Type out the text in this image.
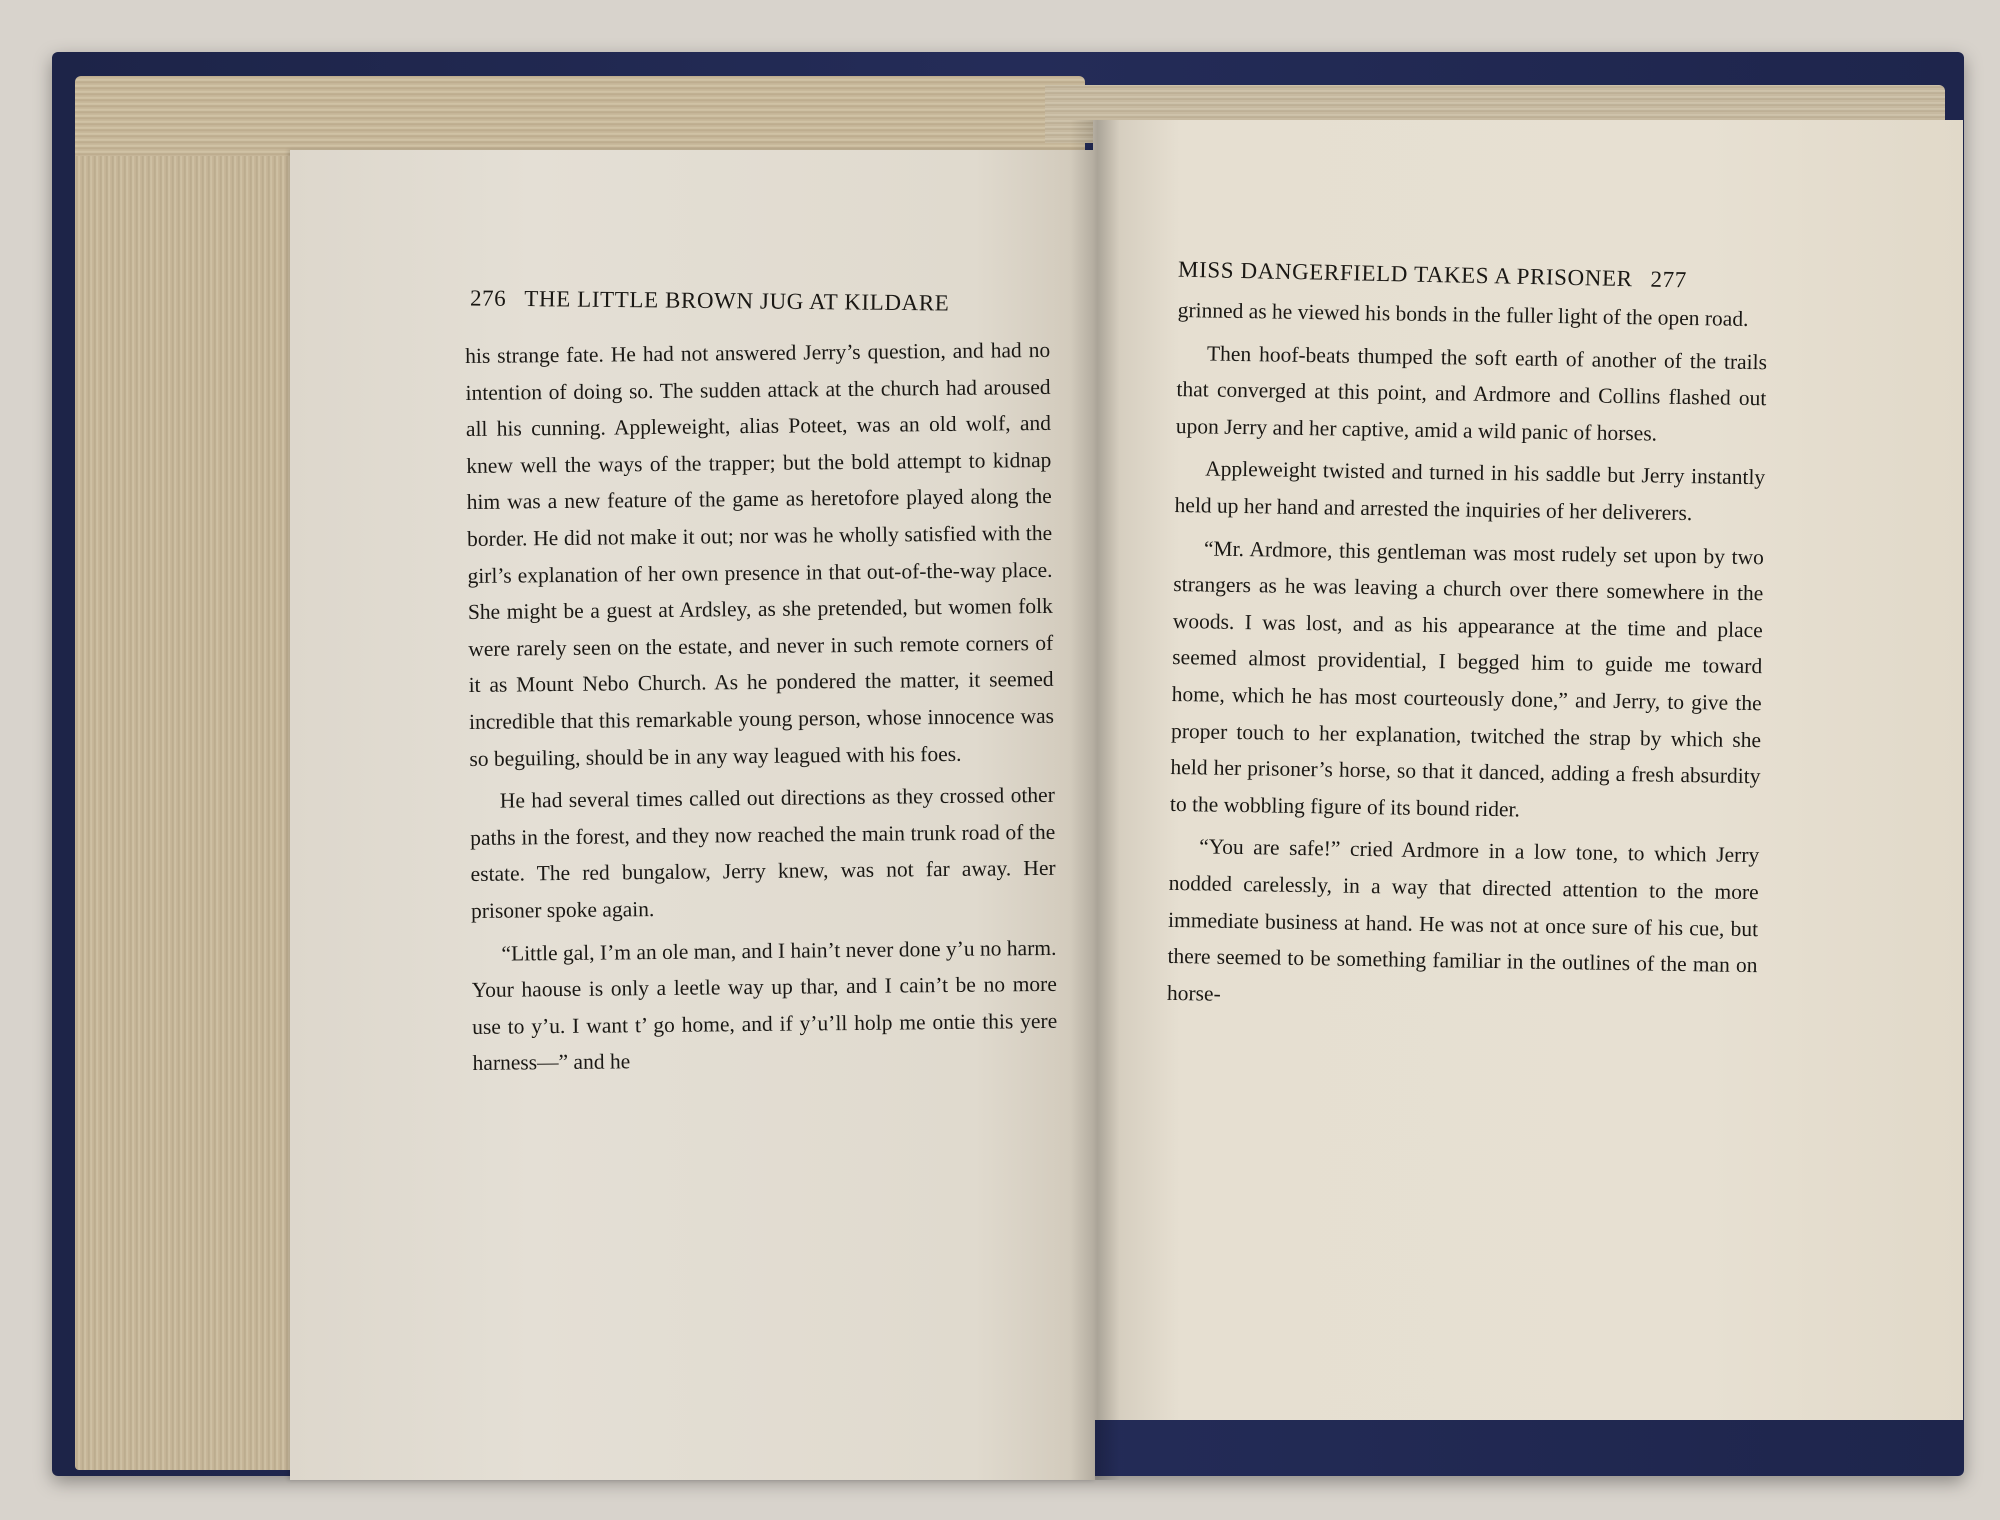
276 THE LITTLE BROWN JUG AT KILDARE

his strange fate. He had not answered Jerry’s question, and had no intention of doing so. The sudden attack at the church had aroused all his cunning. Appleweight, alias Poteet, was an old wolf, and knew well the ways of the trapper; but the bold attempt to kidnap him was a new feature of the game as heretofore played along the border. He did not make it out; nor was he wholly satisfied with the girl’s explanation of her own presence in that out-of-the-way place. She might be a guest at Ardsley, as she pretended, but women folk were rarely seen on the estate, and never in such remote corners of it as Mount Nebo Church. As he pondered the matter, it seemed incredible that this remarkable young person, whose innocence was so beguiling, should be in any way leagued with his foes.

He had several times called out directions as they crossed other paths in the forest, and they now reached the main trunk road of the estate. The red bungalow, Jerry knew, was not far away. Her prisoner spoke again.

“Little gal, I’m an ole man, and I hain’t never done y’u no harm. Your haouse is only a leetle way up thar, and I cain’t be no more use to y’u. I want t’ go home, and if y’u’ll holp me ontie this yere harness—” and he

MISS DANGERFIELD TAKES A PRISONER 277

grinned as he viewed his bonds in the fuller light of the open road.

Then hoof-beats thumped the soft earth of another of the trails that converged at this point, and Ardmore and Collins flashed out upon Jerry and her captive, amid a wild panic of horses.

Appleweight twisted and turned in his saddle but Jerry instantly held up her hand and arrested the inquiries of her deliverers.

“Mr. Ardmore, this gentleman was most rudely set upon by two strangers as he was leaving a church over there somewhere in the woods. I was lost, and as his appearance at the time and place seemed almost providential, I begged him to guide me toward home, which he has most courteously done,” and Jerry, to give the proper touch to her explanation, twitched the strap by which she held her prisoner’s horse, so that it danced, adding a fresh absurdity to the wobbling figure of its bound rider.

“You are safe!” cried Ardmore in a low tone, to which Jerry nodded carelessly, in a way that directed attention to the more immediate business at hand. He was not at once sure of his cue, but there seemed to be something familiar in the outlines of the man on horse-
